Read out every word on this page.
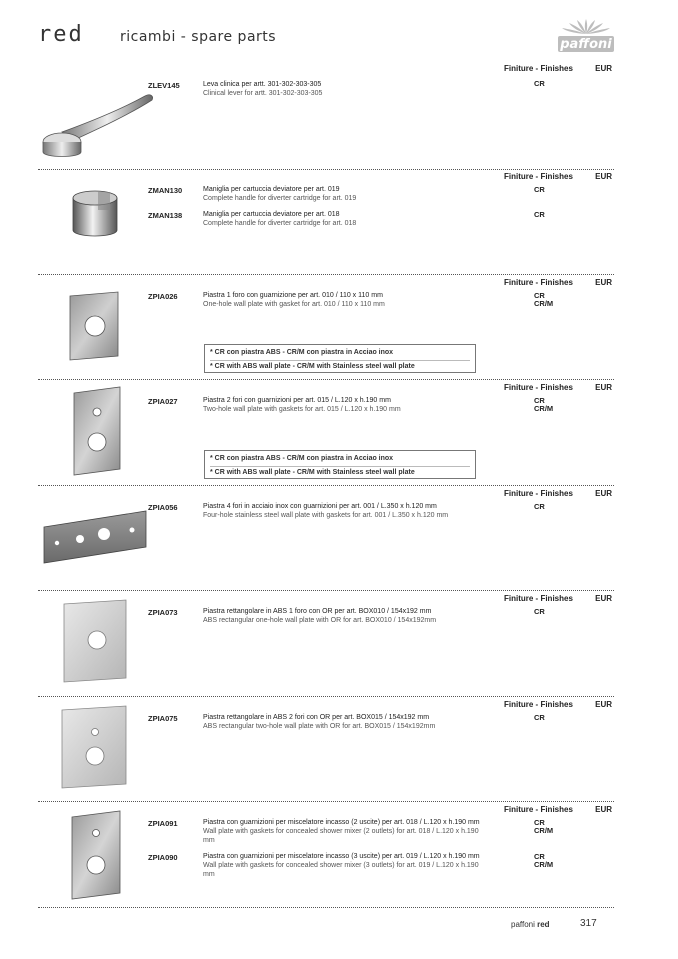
red	ricambi - spare parts	paffoni
Finiture - Finishes	EUR
ZLEV145	Leva clinica per artt. 301-302-303-305
Clinical lever for artt. 301-302-303-305
CR
Finiture - Finishes	EUR
ZMAN130	Maniglia per cartuccia deviatore per art. 019
Complete handle for diverter cartridge for art. 019
CR
ZMAN138	Maniglia per cartuccia deviatore per art. 018
Complete handle for diverter cartridge for art. 018
CR
Finiture - Finishes	EUR
ZPIA026	Piastra 1 foro con guarnizione per art. 010 / 110 x 110 mm
One-hole wall plate with gasket for art. 010 / 110 x 110 mm
CR
CR/M
* CR con piastra ABS - CR/M con piastra in Acciao inox
* CR with ABS wall plate - CR/M with Stainless steel wall plate
Finiture - Finishes	EUR
ZPIA027	Piastra 2 fori con guarnizioni per art. 015 / L.120 x h.190 mm
Two-hole wall plate with gaskets for art. 015 / L.120 x h.190 mm
CR
CR/M
* CR con piastra ABS - CR/M con piastra in Acciao inox
* CR with ABS wall plate - CR/M with Stainless steel wall plate
Finiture - Finishes	EUR
ZPIA056	Piastra 4 fori in acciaio inox con guarnizioni per art. 001 / L.350 x h.120 mm
Four-hole stainless steel wall plate with gaskets for art. 001 / L.350 x h.120 mm
CR
Finiture - Finishes	EUR
ZPIA073	Piastra rettangolare in ABS 1 foro con OR per art. BOX010 / 154x192 mm
ABS rectangular one-hole wall plate with OR for art. BOX010 / 154x192mm
CR
Finiture - Finishes	EUR
ZPIA075	Piastra rettangolare in ABS 2 fori con OR per art. BOX015 / 154x192 mm
ABS rectangular two-hole wall plate with OR for art. BOX015 / 154x192mm
CR
Finiture - Finishes	EUR
ZPIA091	Piastra con guarnizioni per miscelatore incasso (2 uscite) per art. 018 / L.120 x h.190 mm
Wall plate with gaskets for concealed shower mixer (2 outlets) for art. 018 / L.120 x h.190 mm
CR
CR/M
ZPIA090	Piastra con guarnizioni per miscelatore incasso (3 uscite) per art. 019 / L.120 x h.190 mm
Wall plate with gaskets for concealed shower mixer (3 outlets) for art. 019 / L.120 x h.190 mm
CR
CR/M
paffoni red	317
